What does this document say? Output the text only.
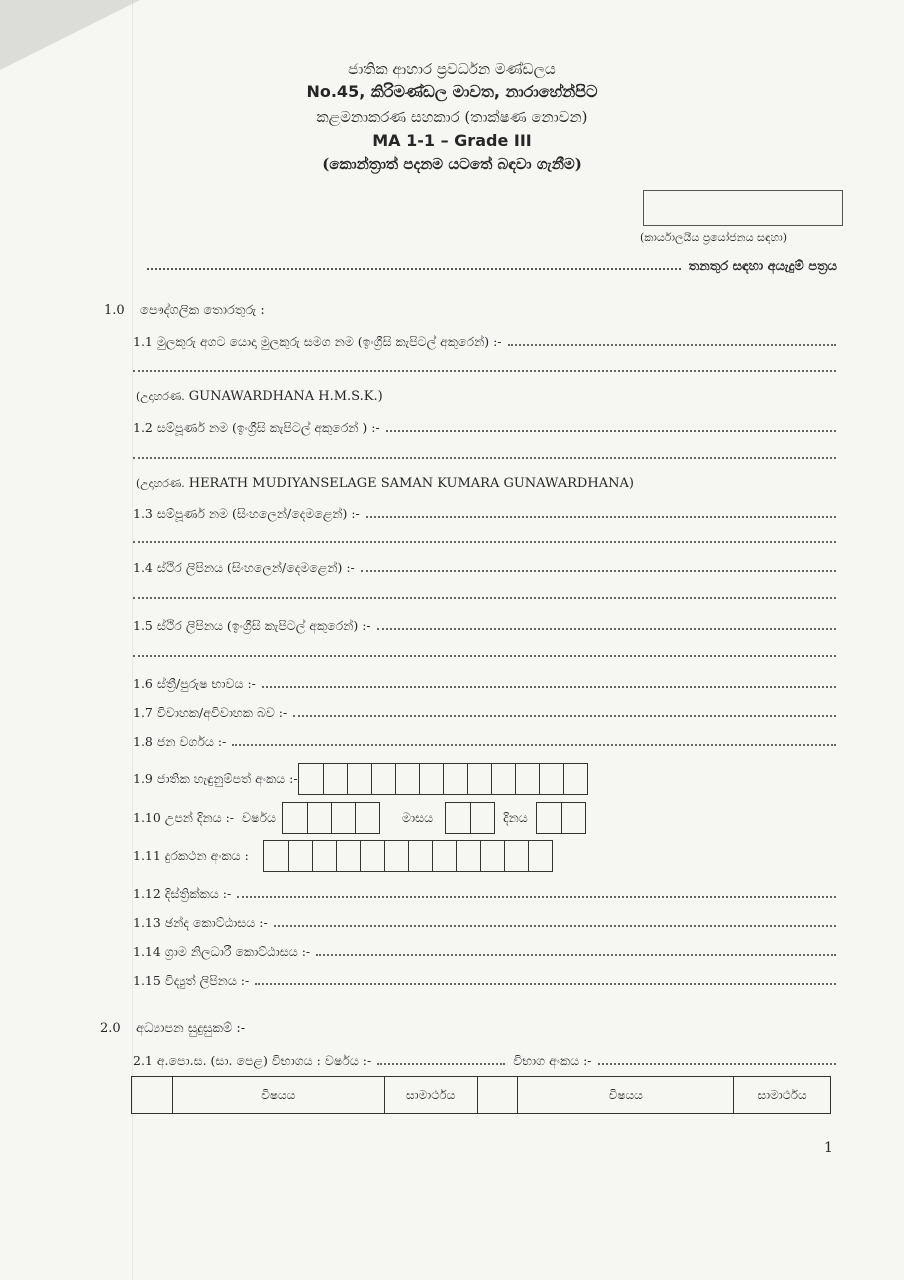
ජාතික ආහාර ප්‍රවර්ධන මණ්ඩලය
No.45, කිරිමණ්ඩල මාවත, නාරාහේන්පිට
කළමනාකරණ සහකාර (තාක්ෂණ නොවන)
MA 1-1 – Grade III
(කොන්ත්‍රාත් පදනම යටතේ බඳවා ගැනීම)
(කාර්යාලයීය ප්‍රයෝජනය සඳහා)
තනතුර සඳහා අයැදුම් පත්‍රය
1.0 පෞද්ගලික තොරතුරු :
1.1 මුලකුරු අගට යොදා මුලකුරු සමග නම (ඉංග්‍රීසි කැපිටල් අකුරෙන්) :-
(උදාහරණ. GUNAWARDHANA H.M.S.K.)
1.2 සම්පූර්ණ නම (ඉංග්‍රීසි කැපිටල් අකුරෙන් ) :-
(උදාහරණ. HERATH MUDIYANSELAGE SAMAN KUMARA GUNAWARDHANA)
1.3 සම්පූර්ණ නම (සිංහලෙන්/දෙමළෙන්) :-
1.4 ස්ථිර ලිපිනය (සිංහලෙන්/දෙමළෙන්) :-
1.5 ස්ථිර ලිපිනය (ඉංග්‍රීසි කැපිටල් අකුරෙන්) :-
1.6 ස්ත්‍රී/පුරුෂ භාවය :-
1.7 විවාහක/අවිවාහක බව :-
1.8 ජන වර්ගය :-
1.9 ජාතික හැඳුනුම්පත් අංකය :-
1.10 උපන් දිනය :- වර්ෂය	මාසය	දිනය
1.11 දුරකථන අංකය :
1.12 දිස්ත්‍රික්කය :-
1.13 ඡන්ද කොට්ඨාසය :-
1.14 ග්‍රාම නිලධාරී කොට්ඨාසය :-
1.15 විද්‍යුත් ලිපිනය :-
2.0 අධ්‍යාපන සුදුසුකම් :-
2.1 අ.පො.ස. (සා. පෙළ) විභාගය : වර්ෂය :-	විභාග අංකය :-
	විෂයය	සාමාර්ථය		විෂයය	සාමාර්ථය
1
